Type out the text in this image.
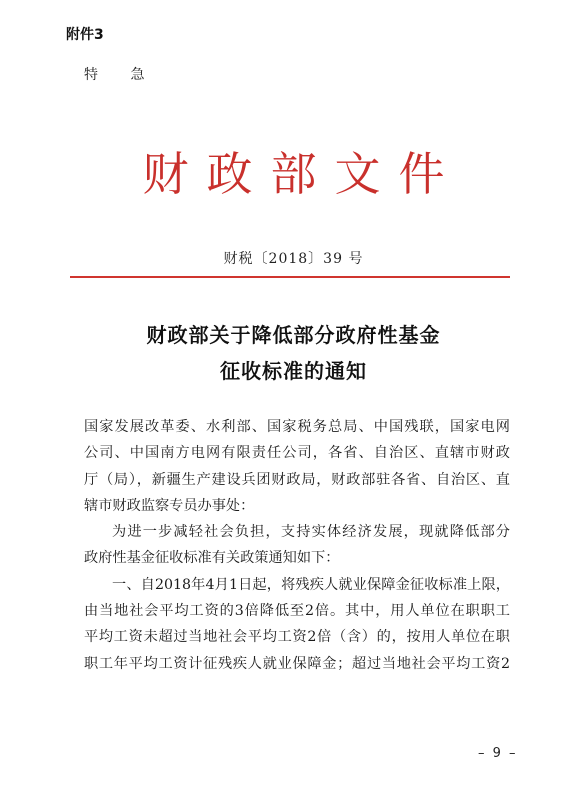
附件3
特 急
财政部文件
财税〔2018〕39 号
财政部关于降低部分政府性基金
征收标准的通知
国家发展改革委、水利部、国家税务总局、中国残联，国家电网
公司、中国南方电网有限责任公司，各省、自治区、直辖市财政
厅（局），新疆生产建设兵团财政局，财政部驻各省、自治区、直
辖市财政监察专员办事处：
为进一步减轻社会负担，支持实体经济发展，现就降低部分
政府性基金征收标准有关政策通知如下：
一、自2018年4月1日起，将残疾人就业保障金征收标准上限，
由当地社会平均工资的3倍降低至2倍。其中，用人单位在职职工
平均工资未超过当地社会平均工资2倍（含）的，按用人单位在职
职工年平均工资计征残疾人就业保障金；超过当地社会平均工资2
– 9 –
